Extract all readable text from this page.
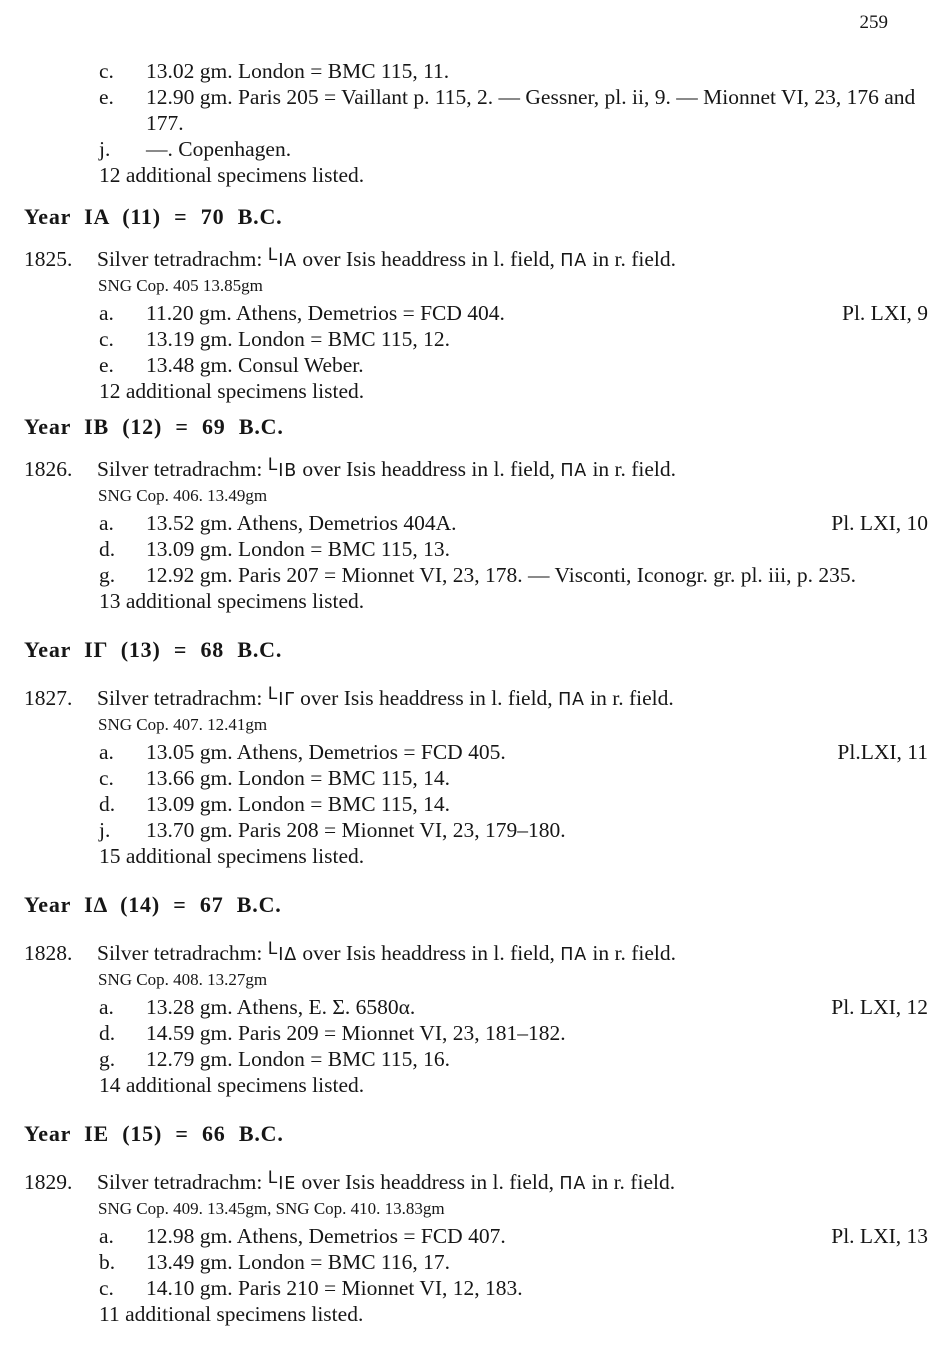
259
c.	13.02 gm. London = BMC 115, 11.
e.	12.90 gm. Paris 205 = Vaillant p. 115, 2. — Gessner, pl. ii, 9. — Mionnet VI, 23, 176 and 177.
j.	—. Copenhagen.
12 additional specimens listed.
Year IA (11) = 70 B.C.
1825.	Silver tetradrachm: LΙΑ over Isis headdress in l. field, ΠΑ in r. field.

SNG Cop. 405 13.85gm

a.	11.20 gm. Athens, Demetrios = FCD 404.	Pl. LXI, 9
c.	13.19 gm. London = BMC 115, 12.
e.	13.48 gm. Consul Weber.
12 additional specimens listed.
Year IB (12) = 69 B.C.
1826.	Silver tetradrachm: LΙΒ over Isis headdress in l. field, ΠΑ in r. field.

SNG Cop. 406. 13.49gm

a.	13.52 gm. Athens, Demetrios 404A.	Pl. LXI, 10
d.	13.09 gm. London = BMC 115, 13.
g.	12.92 gm. Paris 207 = Mionnet VI, 23, 178. — Visconti, Iconogr. gr. pl. iii, p. 235.
13 additional specimens listed.
Year IΓ (13) = 68 B.C.
1827.	Silver tetradrachm: LΙΓ over Isis headdress in l. field, ΠΑ in r. field.

SNG Cop. 407. 12.41gm

a.	13.05 gm. Athens, Demetrios = FCD 405.	Pl.LXI, 11
c.	13.66 gm. London = BMC 115, 14.
d.	13.09 gm. London = BMC 115, 14.
j.	13.70 gm. Paris 208 = Mionnet VI, 23, 179–180.
15 additional specimens listed.
Year IΔ (14) = 67 B.C.
1828.	Silver tetradrachm: LΙΔ over Isis headdress in l. field, ΠΑ in r. field.

SNG Cop. 408. 13.27gm

a.	13.28 gm. Athens, E. Σ. 6580α.	Pl. LXI, 12
d.	14.59 gm. Paris 209 = Mionnet VI, 23, 181–182.
g.	12.79 gm. London = BMC 115, 16.
14 additional specimens listed.
Year IE (15) = 66 B.C.
1829.	Silver tetradrachm: LΙΕ over Isis headdress in l. field, ΠΑ in r. field.

SNG Cop. 409. 13.45gm, SNG Cop. 410. 13.83gm

a.	12.98 gm. Athens, Demetrios = FCD 407.	Pl. LXI, 13
b.	13.49 gm. London = BMC 116, 17.
c.	14.10 gm. Paris 210 = Mionnet VI, 12, 183.
11 additional specimens listed.
